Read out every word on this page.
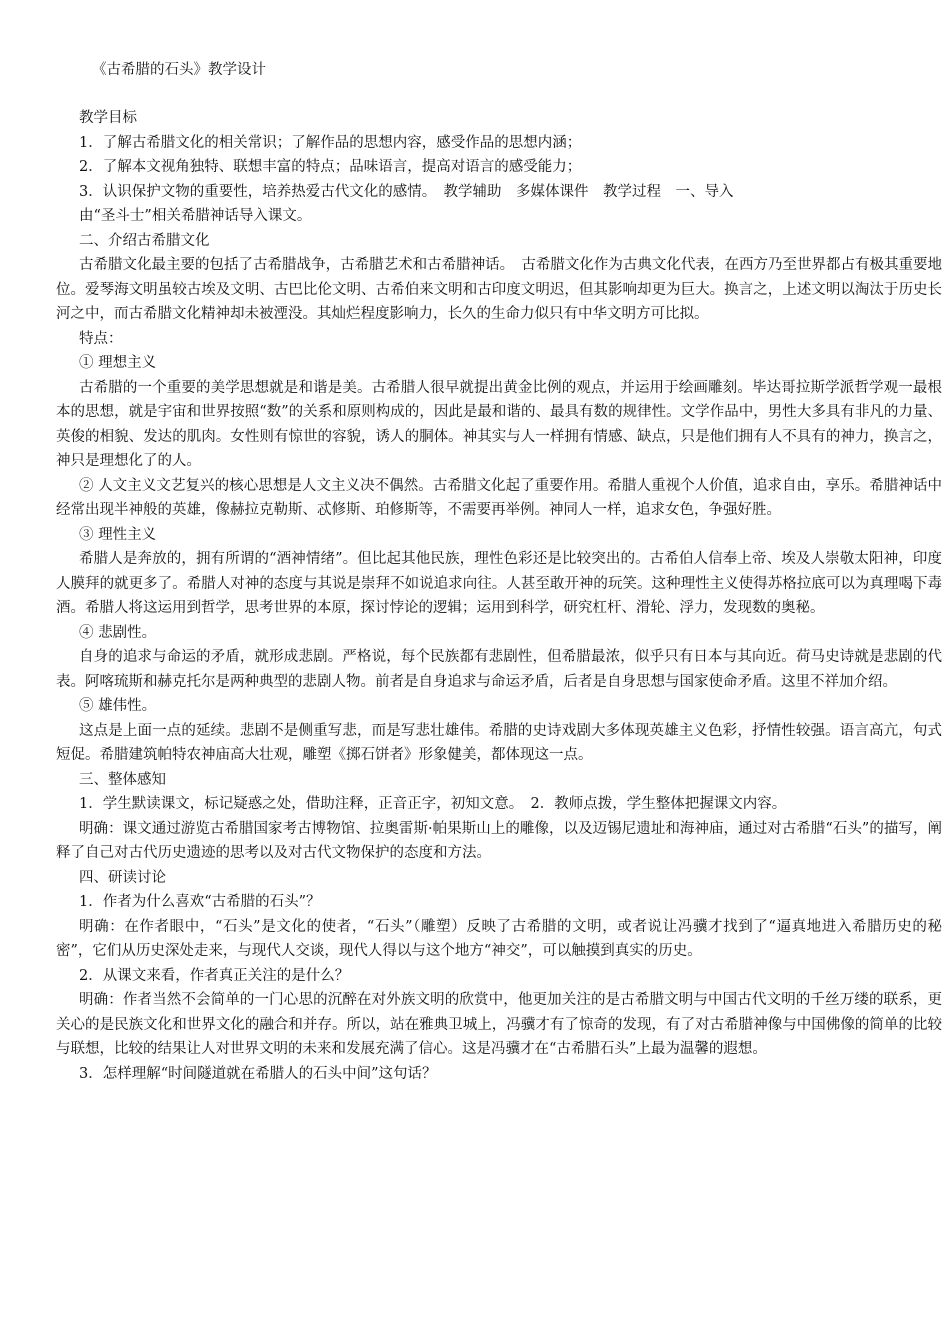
《古希腊的石头》教学设计

教学目标

1．了解古希腊文化的相关常识；了解作品的思想内容，感受作品的思想内涵；

2．了解本文视角独特、联想丰富的特点；品味语言，提高对语言的感受能力；

3．认识保护文物的重要性，培养热爱古代文化的感情。　教学辅助　多媒体课件　教学过程　一、导入

由“圣斗士”相关希腊神话导入课文。

二、介绍古希腊文化

古希腊文化最主要的包括了古希腊战争，古希腊艺术和古希腊神话。　古希腊文化作为古典文化代表，在西方乃至世界都占有极其重要地位。爱琴海文明虽较古埃及文明、古巴比伦文明、古希伯来文明和古印度文明迟，但其影响却更为巨大。换言之，上述文明以淘汰于历史长河之中，而古希腊文化精神却未被湮没。其灿烂程度影响力，长久的生命力似只有中华文明方可比拟。

特点：

① 理想主义

古希腊的一个重要的美学思想就是和谐是美。古希腊人很早就提出黄金比例的观点，并运用于绘画雕刻。毕达哥拉斯学派哲学观一最根本的思想，就是宇宙和世界按照“数”的关系和原则构成的，因此是最和谐的、最具有数的规律性。文学作品中，男性大多具有非凡的力量、英俊的相貌、发达的肌肉。女性则有惊世的容貌，诱人的胴体。神其实与人一样拥有情感、缺点，只是他们拥有人不具有的神力，换言之，神只是理想化了的人。

② 人文主义文艺复兴的核心思想是人文主义决不偶然。古希腊文化起了重要作用。希腊人重视个人价值，追求自由，享乐。希腊神话中经常出现半神般的英雄，像赫拉克勒斯、忒修斯、珀修斯等，不需要再举例。神同人一样，追求女色，争强好胜。

③ 理性主义

希腊人是奔放的，拥有所谓的“酒神情绪”。但比起其他民族，理性色彩还是比较突出的。古希伯人信奉上帝、埃及人崇敬太阳神，印度人膜拜的就更多了。希腊人对神的态度与其说是崇拜不如说追求向往。人甚至敢开神的玩笑。这种理性主义使得苏格拉底可以为真理喝下毒酒。希腊人将这运用到哲学，思考世界的本原，探讨悖论的逻辑；运用到科学，研究杠杆、滑轮、浮力，发现数的奥秘。

④ 悲剧性。

自身的追求与命运的矛盾，就形成悲剧。严格说，每个民族都有悲剧性，但希腊最浓，似乎只有日本与其向近。荷马史诗就是悲剧的代表。阿喀琉斯和赫克托尔是两种典型的悲剧人物。前者是自身追求与命运矛盾，后者是自身思想与国家使命矛盾。这里不祥加介绍。

⑤ 雄伟性。

这点是上面一点的延续。悲剧不是侧重写悲，而是写悲壮雄伟。希腊的史诗戏剧大多体现英雄主义色彩，抒情性较强。语言高亢，句式短促。希腊建筑帕特农神庙高大壮观，雕塑《掷石饼者》形象健美，都体现这一点。

三、整体感知

1．学生默读课文，标记疑惑之处，借助注释，正音正字，初知文意。　2．教师点拨，学生整体把握课文内容。

明确：课文通过游览古希腊国家考古博物馆、拉奥雷斯·帕果斯山上的雕像，以及迈锡尼遗址和海神庙，通过对古希腊“石头”的描写，阐释了自己对古代历史遗迹的思考以及对古代文物保护的态度和方法。

四、研读讨论

1．作者为什么喜欢“古希腊的石头”？

明确：在作者眼中，“石头”是文化的使者，“石头”（雕塑）反映了古希腊的文明，或者说让冯骥才找到了“逼真地进入希腊历史的秘密”，它们从历史深处走来，与现代人交谈，现代人得以与这个地方“神交”，可以触摸到真实的历史。

2．从课文来看，作者真正关注的是什么？

明确：作者当然不会简单的一门心思的沉醉在对外族文明的欣赏中，他更加关注的是古希腊文明与中国古代文明的千丝万缕的联系，更关心的是民族文化和世界文化的融合和并存。所以，站在雅典卫城上，冯骥才有了惊奇的发现，有了对古希腊神像与中国佛像的简单的比较与联想，比较的结果让人对世界文明的未来和发展充满了信心。这是冯骥才在“古希腊石头”上最为温馨的遐想。

3．怎样理解“时间隧道就在希腊人的石头中间”这句话？
